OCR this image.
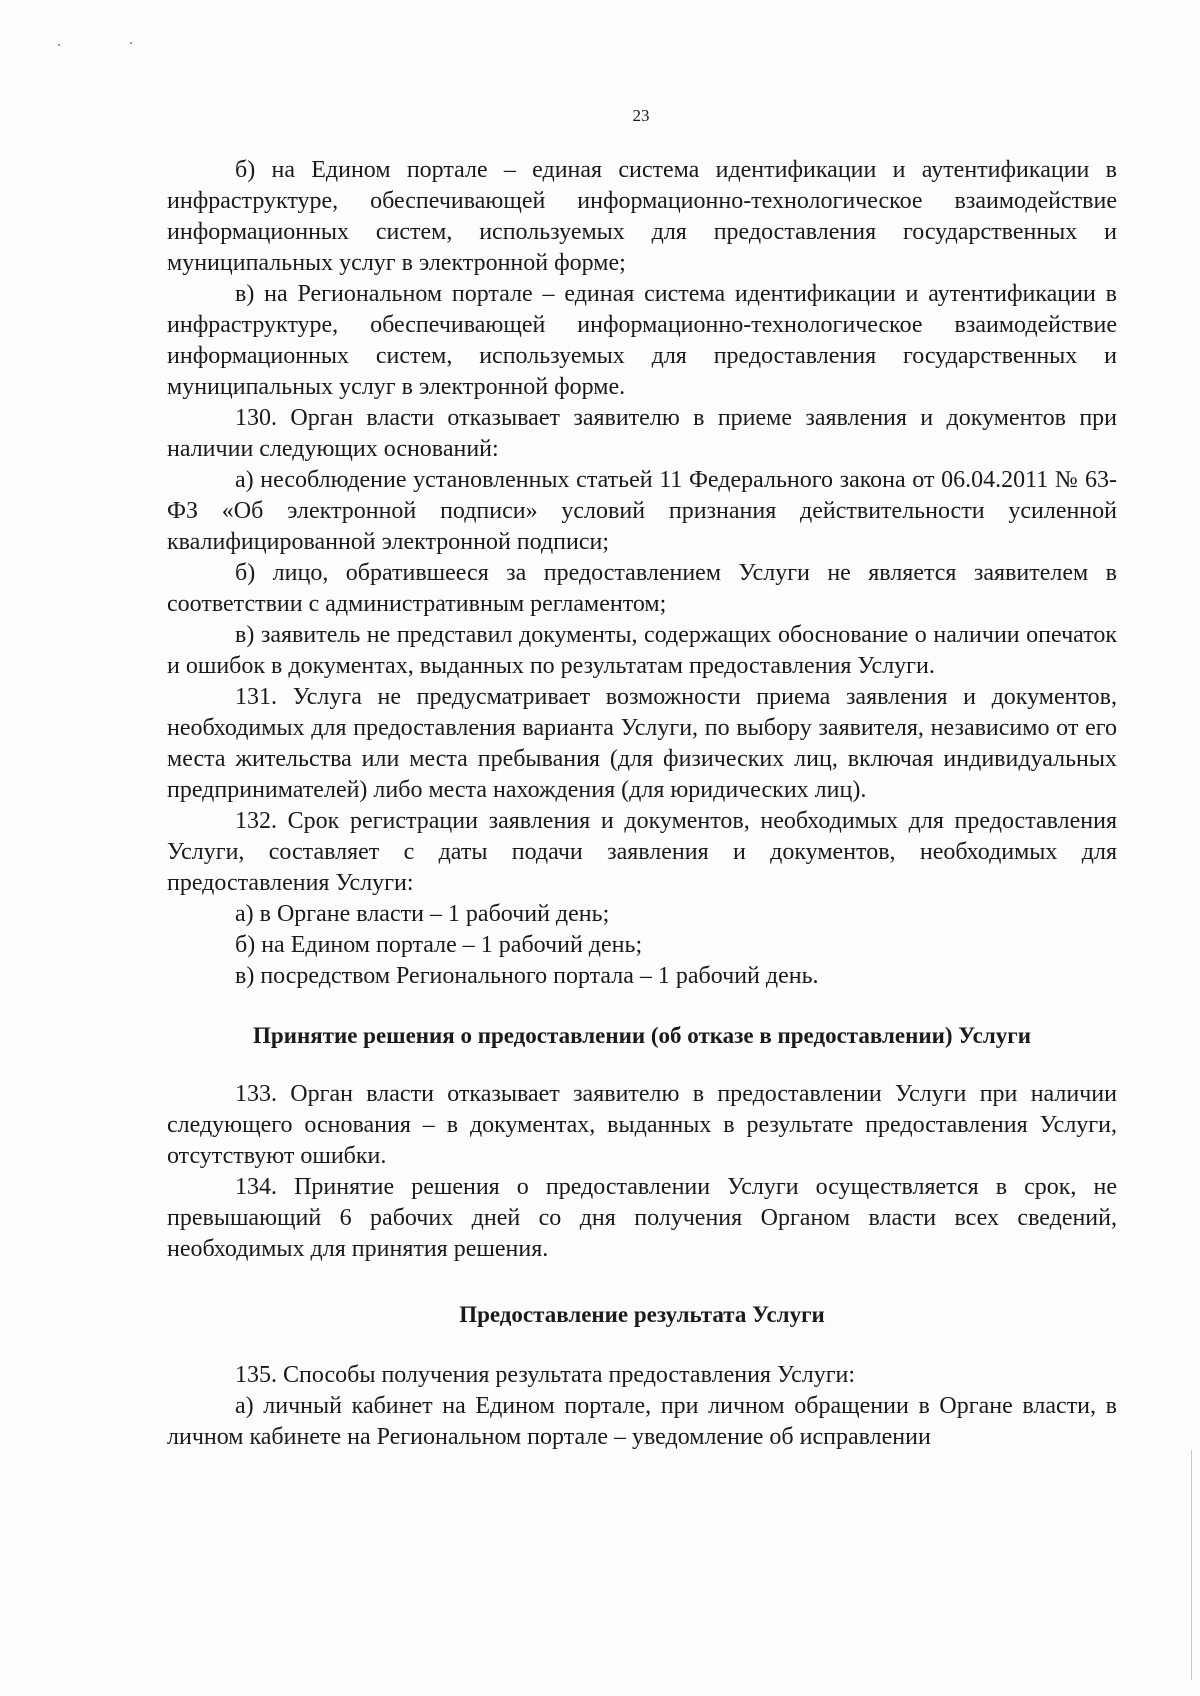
23

б) на Едином портале – единая система идентификации и аутентификации в инфраструктуре, обеспечивающей информационно-технологическое взаимодействие информационных систем, используемых для предоставления государственных и муниципальных услуг в электронной форме;

в) на Региональном портале – единая система идентификации и аутентификации в инфраструктуре, обеспечивающей информационно-технологическое взаимодействие информационных систем, используемых для предоставления государственных и муниципальных услуг в электронной форме.

130. Орган власти отказывает заявителю в приеме заявления и документов при наличии следующих оснований:

а) несоблюдение установленных статьей 11 Федерального закона от 06.04.2011 № 63-ФЗ «Об электронной подписи» условий признания действительности усиленной квалифицированной электронной подписи;

б) лицо, обратившееся за предоставлением Услуги не является заявителем в соответствии с административным регламентом;

в) заявитель не представил документы, содержащих обоснование о наличии опечаток и ошибок в документах, выданных по результатам предоставления Услуги.

131. Услуга не предусматривает возможности приема заявления и документов, необходимых для предоставления варианта Услуги, по выбору заявителя, независимо от его места жительства или места пребывания (для физических лиц, включая индивидуальных предпринимателей) либо места нахождения (для юридических лиц).

132. Срок регистрации заявления и документов, необходимых для предоставления Услуги, составляет с даты подачи заявления и документов, необходимых для предоставления Услуги:

а) в Органе власти – 1 рабочий день;

б) на Едином портале – 1 рабочий день;

в) посредством Регионального портала – 1 рабочий день.

Принятие решения о предоставлении (об отказе в предоставлении) Услуги

133. Орган власти отказывает заявителю в предоставлении Услуги при наличии следующего основания – в документах, выданных в результате предоставления Услуги, отсутствуют ошибки.

134. Принятие решения о предоставлении Услуги осуществляется в срок, не превышающий 6 рабочих дней со дня получения Органом власти всех сведений, необходимых для принятия решения.

Предоставление результата Услуги

135. Способы получения результата предоставления Услуги:

а) личный кабинет на Едином портале, при личном обращении в Органе власти, в личном кабинете на Региональном портале – уведомление об исправлении
